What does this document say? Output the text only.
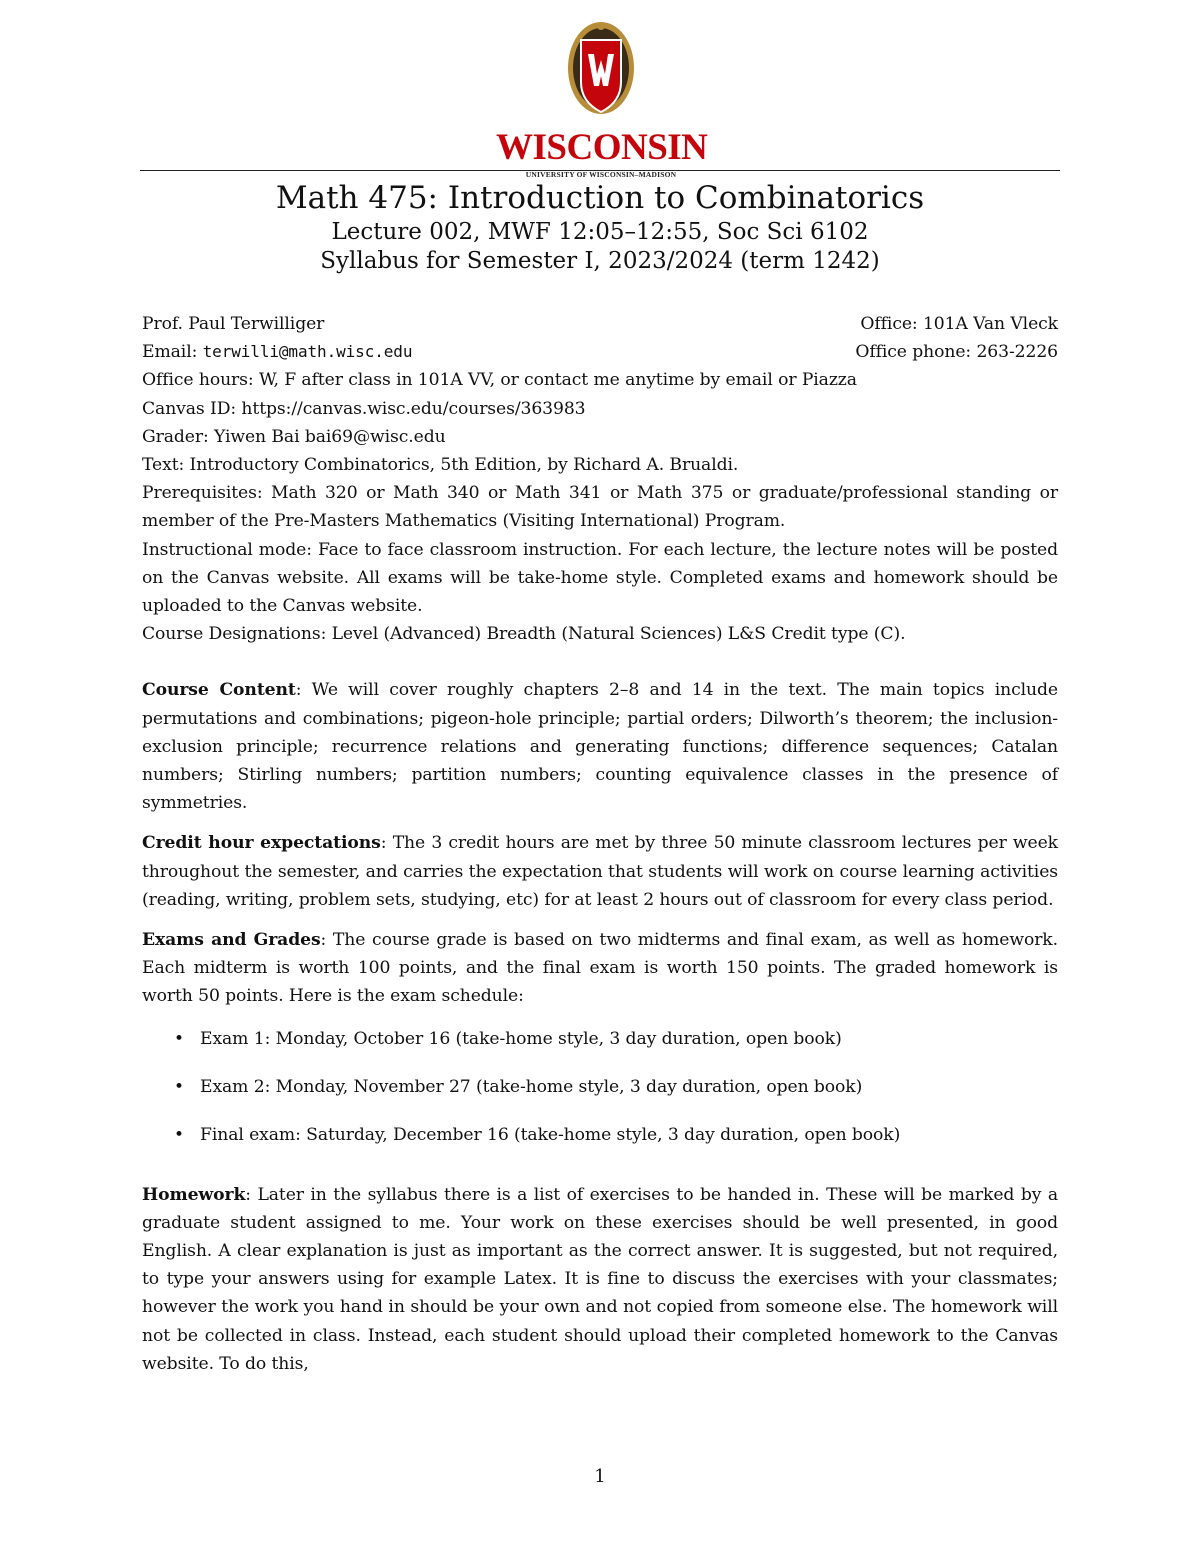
WISCONSIN
UNIVERSITY OF WISCONSIN–MADISON
Math 475: Introduction to Combinatorics
Lecture 002, MWF 12:05–12:55, Soc Sci 6102
Syllabus for Semester I, 2023/2024 (term 1242)
Prof. Paul Terwilliger	Office: 101A Van Vleck
Email: terwilli@math.wisc.edu	Office phone: 263-2226
Office hours: W, F after class in 101A VV, or contact me anytime by email or Piazza
Canvas ID: https://canvas.wisc.edu/courses/363983
Grader: Yiwen Bai bai69@wisc.edu
Text: Introductory Combinatorics, 5th Edition, by Richard A. Brualdi.
Prerequisites: Math 320 or Math 340 or Math 341 or Math 375 or graduate/professional standing or member of the Pre-Masters Mathematics (Visiting International) Program.
Instructional mode: Face to face classroom instruction. For each lecture, the lecture notes will be posted on the Canvas website. All exams will be take-home style. Completed exams and homework should be uploaded to the Canvas website.
Course Designations: Level (Advanced) Breadth (Natural Sciences) L&S Credit type (C).
Course Content: We will cover roughly chapters 2–8 and 14 in the text. The main topics include permutations and combinations; pigeon-hole principle; partial orders; Dilworth’s theorem; the inclusion-exclusion principle; recurrence relations and generating functions; difference sequences; Catalan numbers; Stirling numbers; partition numbers; counting equivalence classes in the presence of symmetries.
Credit hour expectations: The 3 credit hours are met by three 50 minute classroom lectures per week throughout the semester, and carries the expectation that students will work on course learning activities (reading, writing, problem sets, studying, etc) for at least 2 hours out of classroom for every class period.
Exams and Grades: The course grade is based on two midterms and final exam, as well as homework. Each midterm is worth 100 points, and the final exam is worth 150 points. The graded homework is worth 50 points. Here is the exam schedule:
• Exam 1: Monday, October 16 (take-home style, 3 day duration, open book)
• Exam 2: Monday, November 27 (take-home style, 3 day duration, open book)
• Final exam: Saturday, December 16 (take-home style, 3 day duration, open book)
Homework: Later in the syllabus there is a list of exercises to be handed in. These will be marked by a graduate student assigned to me. Your work on these exercises should be well presented, in good English. A clear explanation is just as important as the correct answer. It is suggested, but not required, to type your answers using for example Latex. It is fine to discuss the exercises with your classmates; however the work you hand in should be your own and not copied from someone else. The homework will not be collected in class. Instead, each student should upload their completed homework to the Canvas website. To do this,
1
